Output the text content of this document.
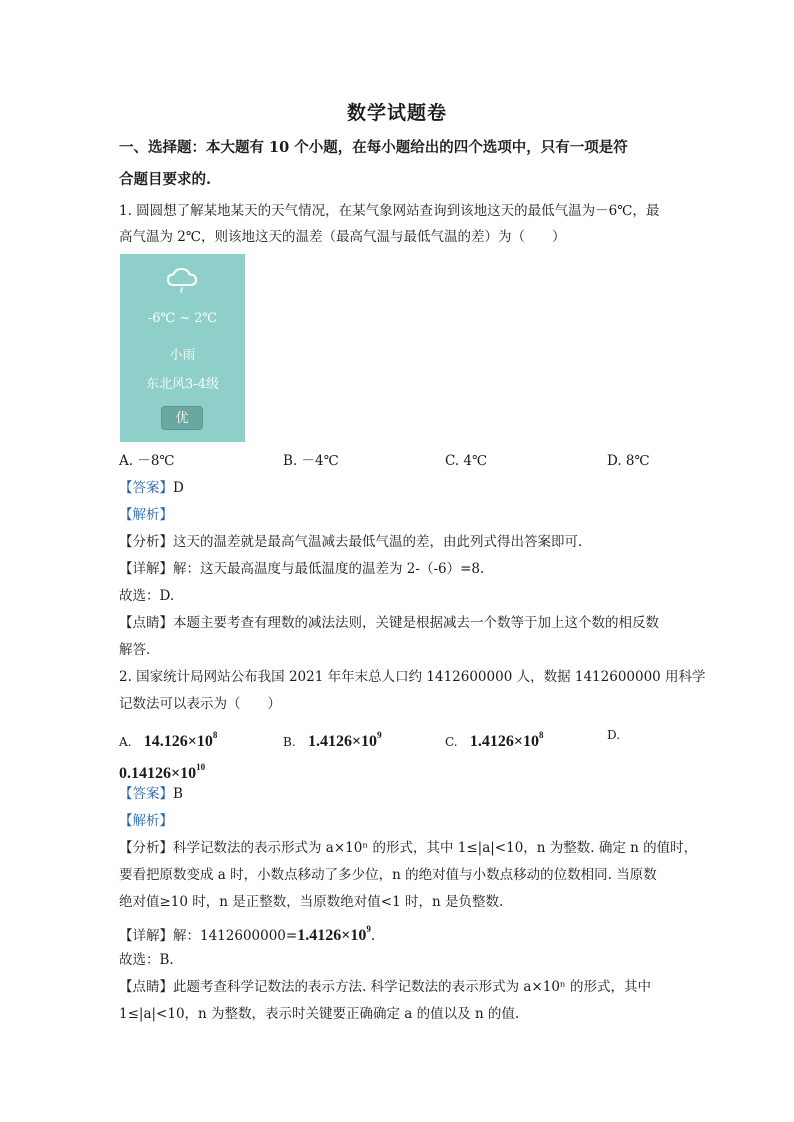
数学试题卷
一、选择题：本大题有 10 个小题，在每小题给出的四个选项中，只有一项是符
合题目要求的.
1. 圆圆想了解某地某天的天气情况，在某气象网站查询到该地这天的最低气温为－6℃，最
高气温为 2℃，则该地这天的温差（最高气温与最低气温的差）为（　　）
-6℃ ~ 2℃
小雨
东北风3-4级
优
A. －8℃	B. －4℃	C. 4℃	D. 8℃
【答案】D
【解析】
【分析】这天的温差就是最高气温减去最低气温的差，由此列式得出答案即可.
【详解】解：这天最高温度与最低温度的温差为 2-（-6）=8.
故选：D.
【点睛】本题主要考查有理数的减法法则，关键是根据减去一个数等于加上这个数的相反数
解答.
2. 国家统计局网站公布我国 2021 年年末总人口约 1412600000 人，数据 1412600000 用科学
记数法可以表示为（　　）
A. $14.126\times 10^8$	B. $1.4126\times 10^9$	C. $1.4126\times 10^8$	D.
$0.14126\times 10^{10}$
【答案】B
【解析】
【分析】科学记数法的表示形式为 a×10ⁿ 的形式，其中 1≤|a|<10，n 为整数. 确定 n 的值时，
要看把原数变成 a 时，小数点移动了多少位，n 的绝对值与小数点移动的位数相同. 当原数
绝对值≥10 时，n 是正整数，当原数绝对值<1 时，n 是负整数.
【详解】解：$1412600000=1.4126\times 10^9$.
故选：B.
【点睛】此题考查科学记数法的表示方法. 科学记数法的表示形式为 a×10ⁿ 的形式，其中
1≤|a|<10，n 为整数，表示时关键要正确确定 a 的值以及 n 的值.
